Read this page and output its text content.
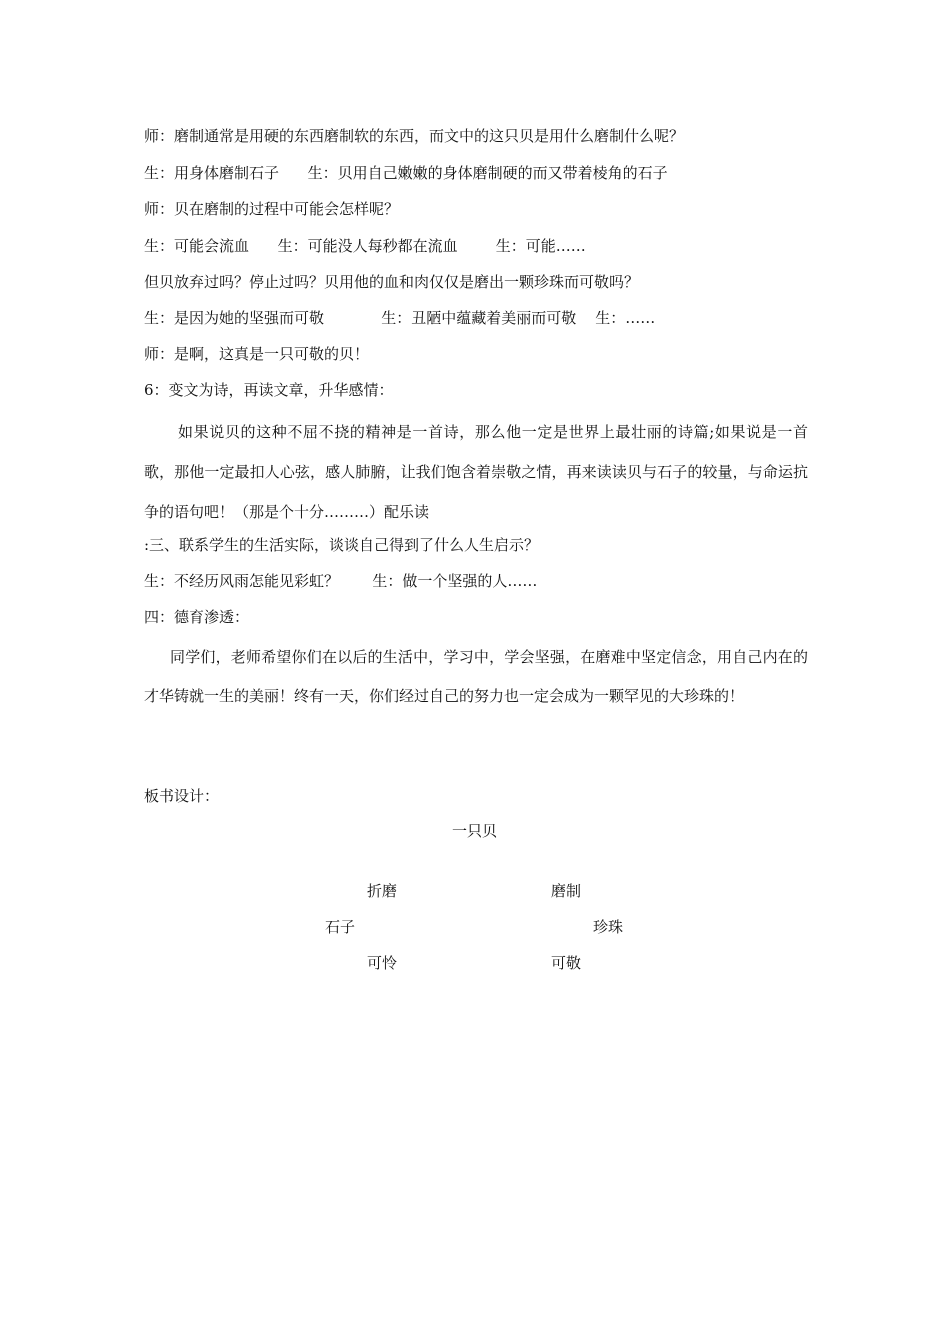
师：磨制通常是用硬的东西磨制软的东西，而文中的这只贝是用什么磨制什么呢？
生：用身体磨制石子      生：贝用自己嫩嫩的身体磨制硬的而又带着棱角的石子
师：贝在磨制的过程中可能会怎样呢？
生：可能会流血      生：可能没人每秒都在流血        生：可能……
但贝放弃过吗？停止过吗？贝用他的血和肉仅仅是磨出一颗珍珠而可敬吗？
生：是因为她的坚强而可敬            生：丑陋中蕴藏着美丽而可敬    生：……
师：是啊，这真是一只可敬的贝！
6：变文为诗，再读文章，升华感情：
如果说贝的这种不屈不挠的精神是一首诗，那么他一定是世界上最壮丽的诗篇;如果说是一首歌，那他一定最扣人心弦，感人肺腑，让我们饱含着崇敬之情，再来读读贝与石子的较量，与命运抗争的语句吧！（那是个十分………）配乐读
:三、联系学生的生活实际，谈谈自己得到了什么人生启示？
生：不经历风雨怎能见彩虹？       生：做一个坚强的人……
四：德育渗透：
同学们，老师希望你们在以后的生活中，学习中，学会坚强，在磨难中坚定信念，用自己内在的才华铸就一生的美丽！终有一天，你们经过自己的努力也一定会成为一颗罕见的大珍珠的！
板书设计：
一只贝
折磨	磨制
石子	珍珠
可怜	可敬
